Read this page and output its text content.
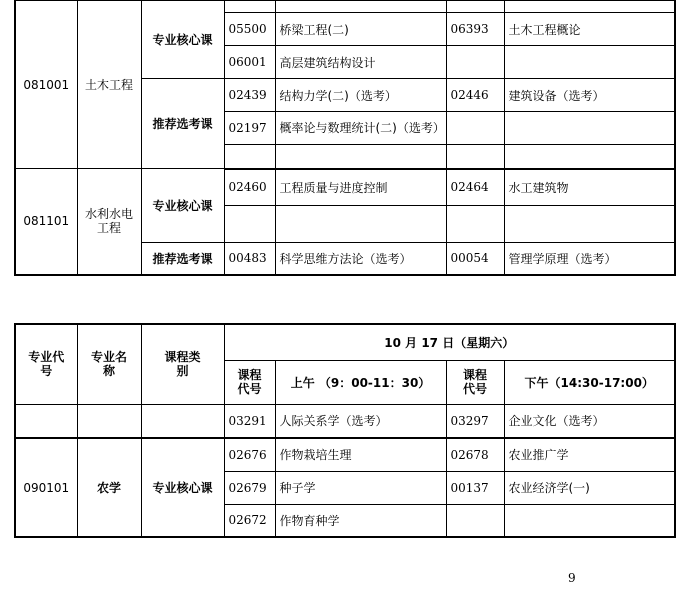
081001	土木工程	专业核心课				
			05500	桥梁工程(二)	06393	土木工程概论
			06001	高层建筑结构设计		
		推荐选考课	02439	结构力学(二)（选考）	02446	建筑设备（选考）
			02197	概率论与数理统计(二)（选考）		

081101	水利水电工程	专业核心课	02460	工程质量与进度控制	02464	水工建筑物

		推荐选考课	00483	科学思维方法论（选考）	00054	管理学原理（选考）
专业代号	专业名称	课程类别	10 月 17 日（星期六）			
			课程代号	上午 （9：00-11：30）	课程代号	下午（14:30-17:00）
			03291	人际关系学（选考）	03297	企业文化（选考）
090101	农学	专业核心课	02676	作物栽培生理	02678	农业推广学
			02679	种子学	00137	农业经济学(一)
			02672	作物育种学		
9
